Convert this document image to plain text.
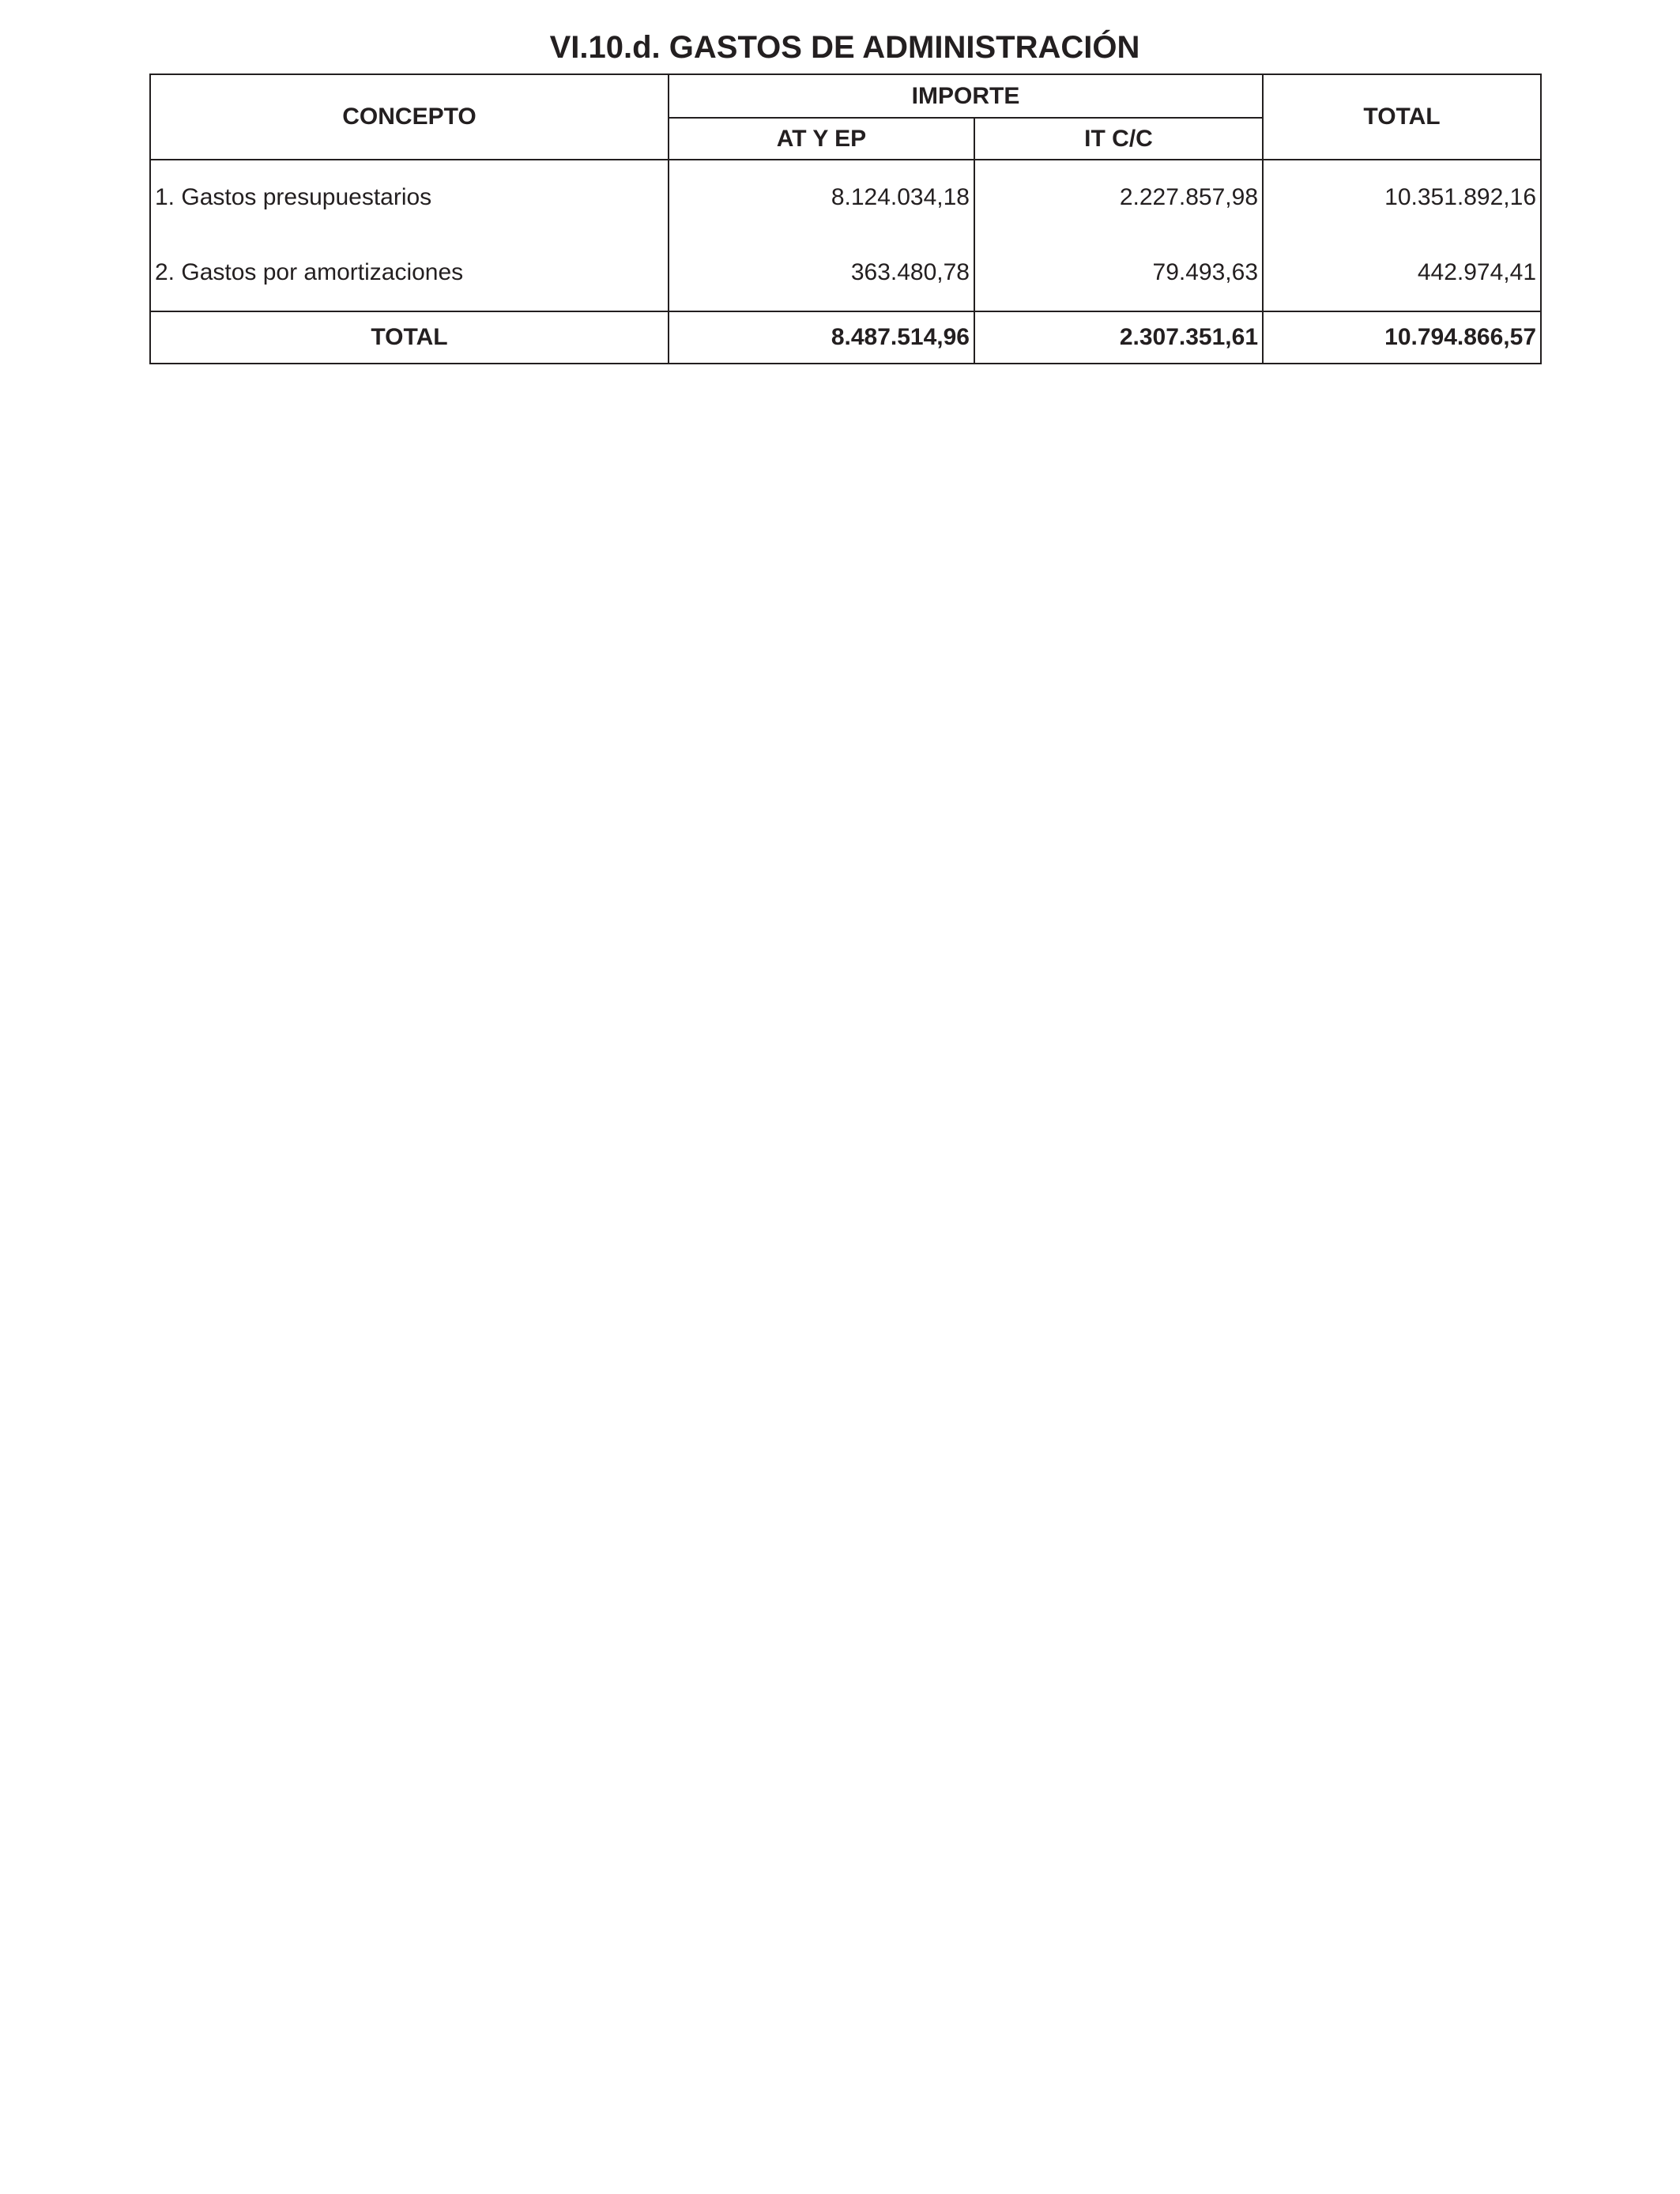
VI.10.d. GASTOS DE ADMINISTRACIÓN
CONCEPTO	IMPORTE		TOTAL
	AT Y EP	IT C/C	
1. Gastos presupuestarios	8.124.034,18	2.227.857,98	10.351.892,16
2. Gastos por amortizaciones	363.480,78	79.493,63	442.974,41
TOTAL	8.487.514,96	2.307.351,61	10.794.866,57
